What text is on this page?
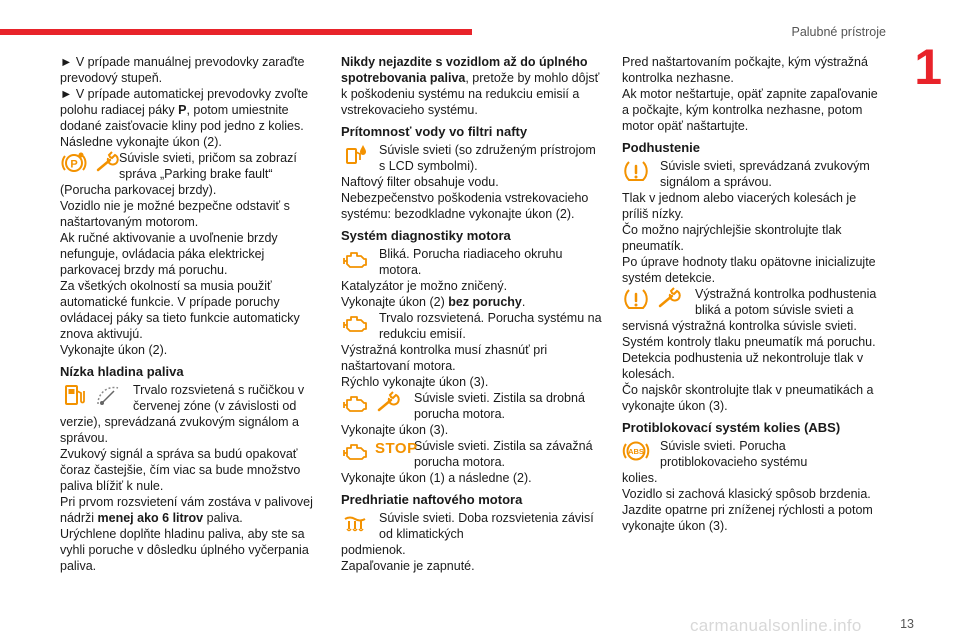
Palubné prístroje
1

► V prípade manuálnej prevodovky zaraďte prevodový stupeň.

► V prípade automatickej prevodovky zvoľte polohu radiacej páky P, potom umiestnite dodané zaisťovacie kliny pod jedno z kolies.

Následne vykonajte úkon (2).

P	Súvisle svieti, pričom sa zobrazí správa „Parking brake fault“

(Porucha parkovacej brzdy).

Vozidlo nie je možné bezpečne odstaviť s naštartovaným motorom.

Ak ručné aktivovanie a uvoľnenie brzdy nefunguje, ovládacia páka elektrickej parkovacej brzdy má poruchu.

Za všetkých okolností sa musia použiť automatické funkcie. V prípade poruchy ovládacej páky sa tieto funkcie automaticky znova aktivujú.

Vykonajte úkon (2).

Nízka hladina paliva

Trvalo rozsvietená s ručičkou v červenej zóne (v závislosti od

verzie), sprevádzaná zvukovým signálom a správou.

Zvukový signál a správa sa budú opakovať čoraz častejšie, čím viac sa bude množstvo paliva blížiť k nule.

Pri prvom rozsvietení vám zostáva v palivovej nádrži menej ako 6 litrov paliva.

Urýchlene doplňte hladinu paliva, aby ste sa vyhli poruche v dôsledku úplného vyčerpania paliva.

Nikdy nejazdite s vozidlom až do úplného spotrebovania paliva, pretože by mohlo dôjsť k poškodeniu systému na redukciu emisií a vstrekovacieho systému.

Prítomnosť vody vo filtri nafty

Súvisle svieti (so združeným prístrojom s LCD symbolmi).

Naftový filter obsahuje vodu.

Nebezpečenstvo poškodenia vstrekovacieho systému: bezodkladne vykonajte úkon (2).

Systém diagnostiky motora

Bliká. Porucha riadiaceho okruhu motora.

Katalyzátor je možno zničený.

Vykonajte úkon (2) bez poruchy.

Trvalo rozsvietená. Porucha systému na redukciu emisií.

Výstražná kontrolka musí zhasnúť pri naštartovaní motora.

Rýchlo vykonajte úkon (3).

Súvisle svieti. Zistila sa drobná porucha motora.

Vykonajte úkon (3).

STOP

Súvisle svieti. Zistila sa závažná porucha motora.

Vykonajte úkon (1) a následne (2).

Predhriatie naftového motora

Súvisle svieti. Doba rozsvietenia závisí od klimatických

podmienok.

Zapaľovanie je zapnuté.

Pred naštartovaním počkajte, kým výstražná kontrolka nezhasne.

Ak motor neštartuje, opäť zapnite zapaľovanie a počkajte, kým kontrolka nezhasne, potom motor opäť naštartujte.

Podhustenie

Súvisle svieti, sprevádzaná zvukovým signálom a správou.

Tlak v jednom alebo viacerých kolesách je príliš nízky.

Čo možno najrýchlejšie skontrolujte tlak pneumatík.

Po úprave hodnoty tlaku opätovne inicializujte systém detekcie.

Výstražná kontrolka podhustenia bliká a potom súvisle svieti a

servisná výstražná kontrolka súvisle svieti.

Systém kontroly tlaku pneumatík má poruchu.

Detekcia podhustenia už nekontroluje tlak v kolesách.

Čo najskôr skontrolujte tlak v pneumatikách a vykonajte úkon (3).

Protiblokovací systém kolies (ABS)
ABS Súvisle svieti. Porucha protiblokovacieho systému

kolies.

Vozidlo si zachová klasický spôsob brzdenia.

Jazdite opatrne pri zníženej rýchlosti a potom vykonajte úkon (3).

carmanualsonline.info	13
